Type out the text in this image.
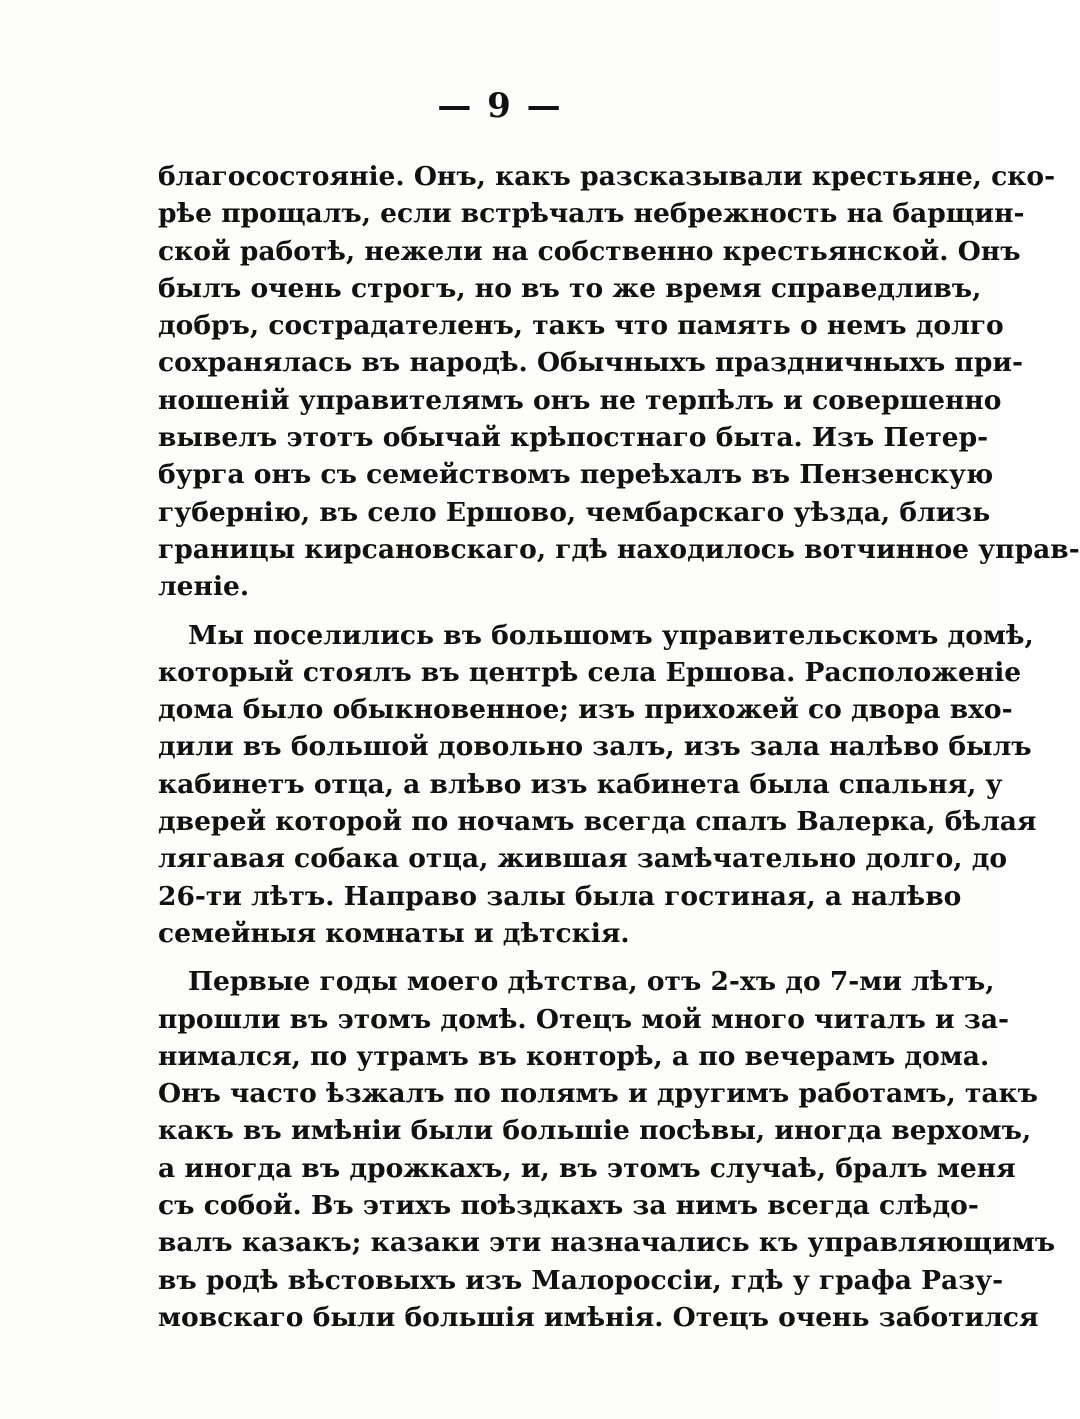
— 9 —
благосостояніе. Онъ, какъ разсказывали крестьяне, ско-
рѣе прощалъ, если встрѣчалъ небрежность на барщин-
ской работѣ, нежели на собственно крестьянской. Онъ
былъ очень строгъ, но въ то же время справедливъ,
добръ, сострадателенъ, такъ что память о немъ долго
сохранялась въ народѣ. Обычныхъ праздничныхъ при-
ношеній управителямъ онъ не терпѣлъ и совершенно
вывелъ этотъ обычай крѣпостнаго быта. Изъ Петер-
бурга онъ съ семействомъ переѣхалъ въ Пензенскую
губернію, въ село Ершово, чембарскаго уѣзда, близь
границы кирсановскаго, гдѣ находилось вотчинное управ-
леніе.
Мы поселились въ большомъ управительскомъ домѣ,
который стоялъ въ центрѣ села Ершова. Расположеніе
дома было обыкновенное; изъ прихожей со двора вхо-
дили въ большой довольно залъ, изъ зала налѣво былъ
кабинетъ отца, а влѣво изъ кабинета была спальня, у
дверей которой по ночамъ всегда спалъ Валерка, бѣлая
лягавая собака отца, жившая замѣчательно долго, до
26-ти лѣтъ. Направо залы была гостиная, а налѣво
семейныя комнаты и дѣтскія.
Первые годы моего дѣтства, отъ 2-хъ до 7-ми лѣтъ,
прошли въ этомъ домѣ. Отецъ мой много читалъ и за-
нимался, по утрамъ въ конторѣ, а по вечерамъ дома.
Онъ часто ѣзжалъ по полямъ и другимъ работамъ, такъ
какъ въ имѣніи были большіе посѣвы, иногда верхомъ,
а иногда въ дрожкахъ, и, въ этомъ случаѣ, бралъ меня
съ собой. Въ этихъ поѣздкахъ за нимъ всегда слѣдо-
валъ казакъ; казаки эти назначались къ управляющимъ
въ родѣ вѣстовыхъ изъ Малороссіи, гдѣ у графа Разу-
мовскаго были большія имѣнія. Отецъ очень заботился
